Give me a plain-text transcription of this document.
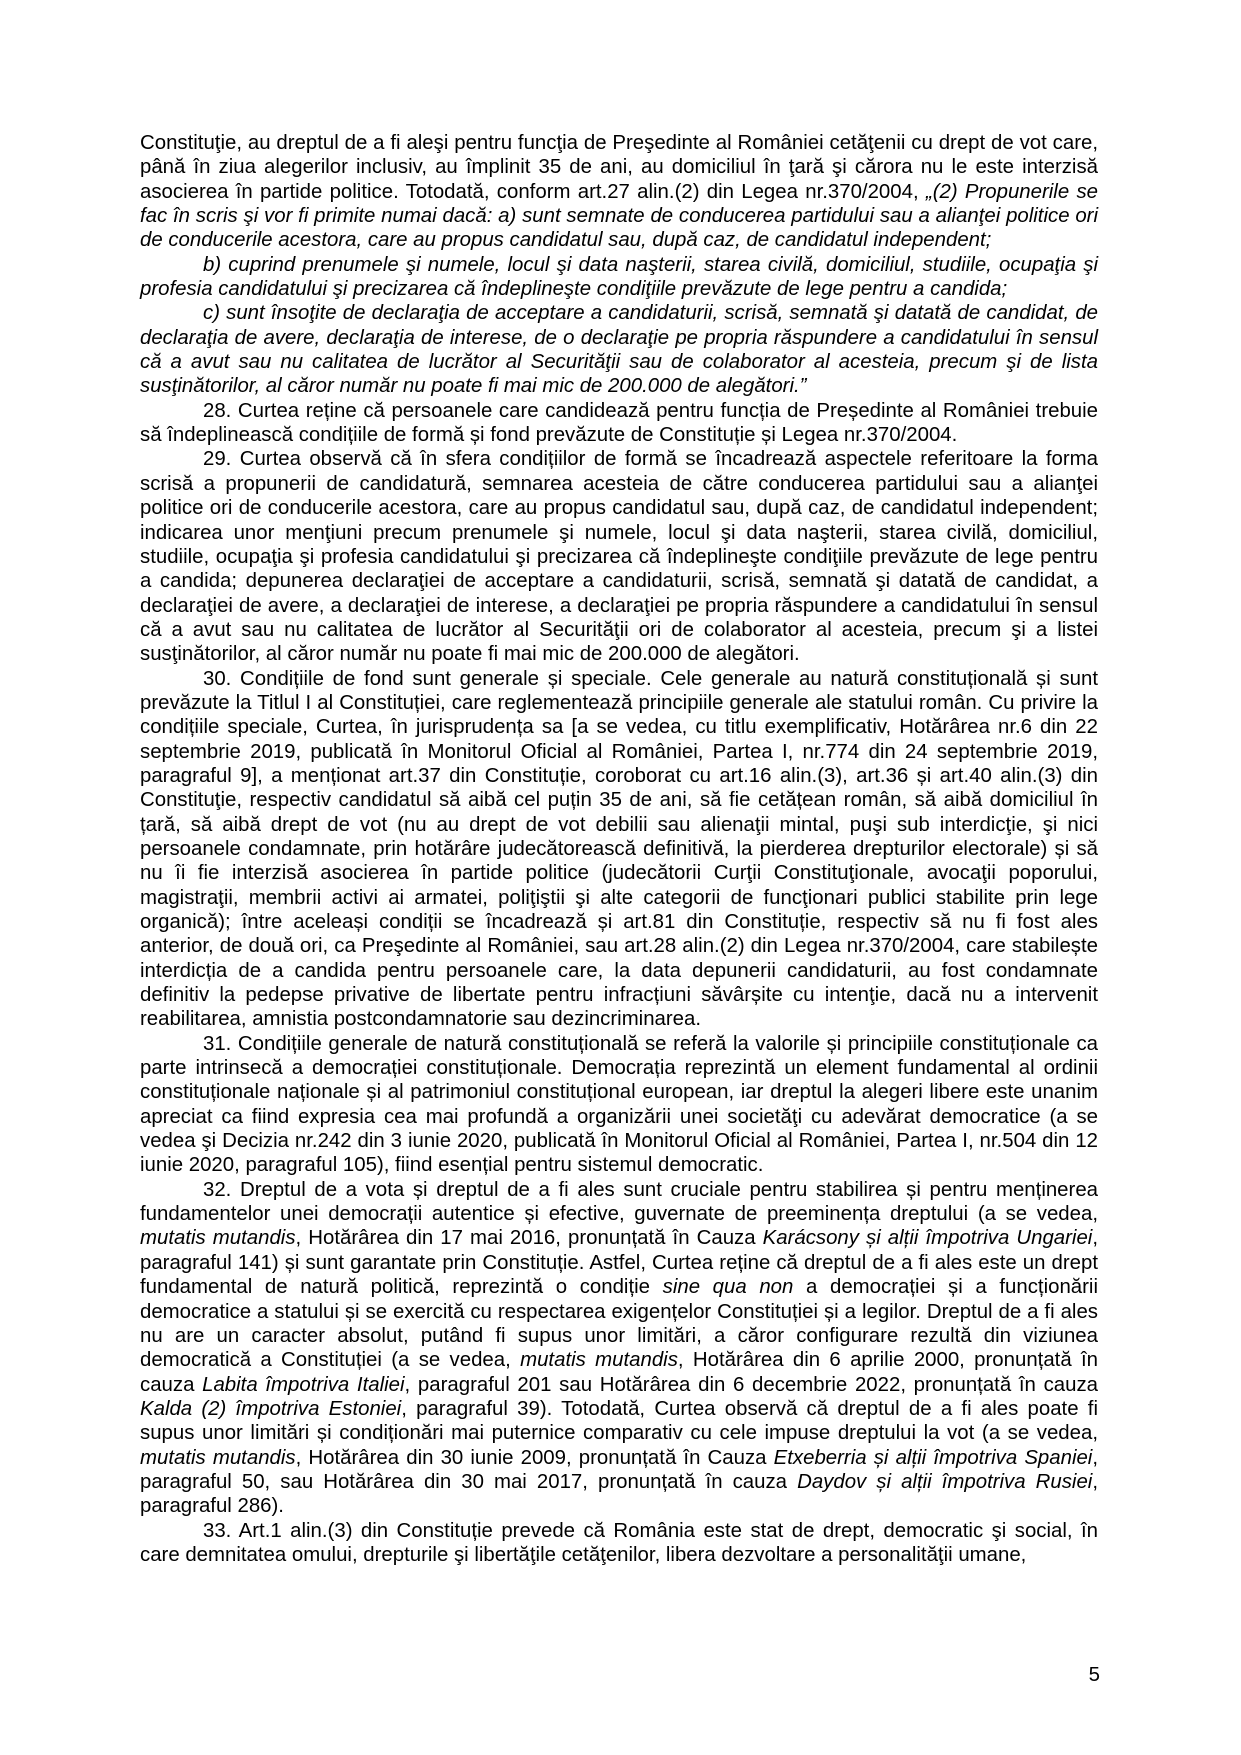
Constituţie, au dreptul de a fi aleşi pentru funcţia de Preşedinte al României cetăţenii cu drept de vot care, până în ziua alegerilor inclusiv, au împlinit 35 de ani, au domiciliul în ţară şi cărora nu le este interzisă asocierea în partide politice. Totodată, conform art.27 alin.(2) din Legea nr.370/2004, „(2) Propunerile se fac în scris şi vor fi primite numai dacă: a) sunt semnate de conducerea partidului sau a alianţei politice ori de conducerile acestora, care au propus candidatul sau, după caz, de candidatul independent;

b) cuprind prenumele şi numele, locul şi data naşterii, starea civilă, domiciliul, studiile, ocupaţia şi profesia candidatului şi precizarea că îndeplineşte condiţiile prevăzute de lege pentru a candida;

c) sunt însoţite de declaraţia de acceptare a candidaturii, scrisă, semnată şi datată de candidat, de declaraţia de avere, declaraţia de interese, de o declaraţie pe propria răspundere a candidatului în sensul că a avut sau nu calitatea de lucrător al Securităţii sau de colaborator al acesteia, precum şi de lista susţinătorilor, al căror număr nu poate fi mai mic de 200.000 de alegători.”

28. Curtea reține că persoanele care candidează pentru funcția de Președinte al României trebuie să îndeplinească condițiile de formă și fond prevăzute de Constituție și Legea nr.370/2004.

29. Curtea observă că în sfera condițiilor de formă se încadrează aspectele referitoare la forma scrisă a propunerii de candidatură, semnarea acesteia de către conducerea partidului sau a alianţei politice ori de conducerile acestora, care au propus candidatul sau, după caz, de candidatul independent; indicarea unor menţiuni precum prenumele şi numele, locul şi data naşterii, starea civilă, domiciliul, studiile, ocupaţia şi profesia candidatului şi precizarea că îndeplineşte condiţiile prevăzute de lege pentru a candida; depunerea declaraţiei de acceptare a candidaturii, scrisă, semnată şi datată de candidat, a declaraţiei de avere, a declaraţiei de interese, a declaraţiei pe propria răspundere a candidatului în sensul că a avut sau nu calitatea de lucrător al Securităţii ori de colaborator al acesteia, precum şi a listei susţinătorilor, al căror număr nu poate fi mai mic de 200.000 de alegători.

30. Condițiile de fond sunt generale și speciale. Cele generale au natură constituțională și sunt prevăzute la Titlul I al Constituției, care reglementează principiile generale ale statului român. Cu privire la condițiile speciale, Curtea, în jurisprudența sa [a se vedea, cu titlu exemplificativ, Hotărârea nr.6 din 22 septembrie 2019, publicată în Monitorul Oficial al României, Partea I, nr.774 din 24 septembrie 2019, paragraful 9], a menționat art.37 din Constituție, coroborat cu art.16 alin.(3), art.36 și art.40 alin.(3) din Constituţie, respectiv candidatul să aibă cel puțin 35 de ani, să fie cetățean român, să aibă domiciliul în țară, să aibă drept de vot (nu au drept de vot debilii sau alienaţii mintal, puşi sub interdicţie, şi nici persoanele condamnate, prin hotărâre judecătorească definitivă, la pierderea drepturilor electorale) și să nu îi fie interzisă asocierea în partide politice (judecătorii Curţii Constituţionale, avocaţii poporului, magistraţii, membrii activi ai armatei, poliţiştii şi alte categorii de funcţionari publici stabilite prin lege organică); între aceleași condiții se încadrează și art.81 din Constituție, respectiv să nu fi fost ales anterior, de două ori, ca Preşedinte al României, sau art.28 alin.(2) din Legea nr.370/2004, care stabilește interdicția de a candida pentru persoanele care, la data depunerii candidaturii, au fost condamnate definitiv la pedepse privative de libertate pentru infracțiuni săvârșite cu intenţie, dacă nu a intervenit reabilitarea, amnistia postcondamnatorie sau dezincriminarea.

31. Condițiile generale de natură constituțională se referă la valorile și principiile constituționale ca parte intrinsecă a democrației constituționale. Democrația reprezintă un element fundamental al ordinii constituționale naționale și al patrimoniul constituțional european, iar dreptul la alegeri libere este unanim apreciat ca fiind expresia cea mai profundă a organizării unei societăţi cu adevărat democratice (a se vedea şi Decizia nr.242 din 3 iunie 2020, publicată în Monitorul Oficial al României, Partea I, nr.504 din 12 iunie 2020, paragraful 105), fiind esențial pentru sistemul democratic.

32. Dreptul de a vota și dreptul de a fi ales sunt cruciale pentru stabilirea și pentru menținerea fundamentelor unei democrații autentice și efective, guvernate de preeminența dreptului (a se vedea, mutatis mutandis, Hotărârea din 17 mai 2016, pronunțată în Cauza Karácsony și alții împotriva Ungariei, paragraful 141) și sunt garantate prin Constituție. Astfel, Curtea reține că dreptul de a fi ales este un drept fundamental de natură politică, reprezintă o condiție sine qua non a democrației și a funcționării democratice a statului și se exercită cu respectarea exigențelor Constituției și a legilor. Dreptul de a fi ales nu are un caracter absolut, putând fi supus unor limitări, a căror configurare rezultă din viziunea democratică a Constituției (a se vedea, mutatis mutandis, Hotărârea din 6 aprilie 2000, pronunțată în cauza Labita împotriva Italiei, paragraful 201 sau Hotărârea din 6 decembrie 2022, pronunțată în cauza Kalda (2) împotriva Estoniei, paragraful 39). Totodată, Curtea observă că dreptul de a fi ales poate fi supus unor limitări și condiționări mai puternice comparativ cu cele impuse dreptului la vot (a se vedea, mutatis mutandis, Hotărârea din 30 iunie 2009, pronunțată în Cauza Etxeberria și alții împotriva Spaniei, paragraful 50, sau Hotărârea din 30 mai 2017, pronunțată în cauza Daydov și alții împotriva Rusiei, paragraful 286).

33. Art.1 alin.(3) din Constituție prevede că România este stat de drept, democratic şi social, în care demnitatea omului, drepturile şi libertăţile cetăţenilor, libera dezvoltare a personalităţii umane,

5
